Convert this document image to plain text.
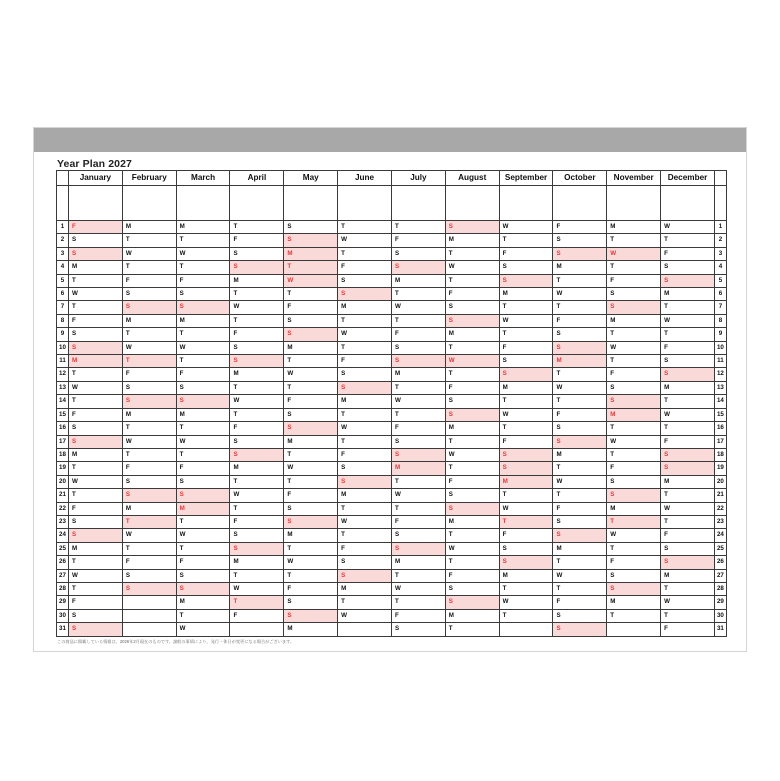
Year Plan 2027
	January	February	March	April	May	June	July	August	September	October	November	December	

1	F	M	M	T	S	T	T	S	W	F	M	W	1
2	S	T	T	F	S	W	F	M	T	S	T	T	2
3	S	W	W	S	M	T	S	T	F	S	W	F	3
4	M	T	T	S	T	F	S	W	S	M	T	S	4
5	T	F	F	M	W	S	M	T	S	T	F	S	5
6	W	S	S	T	T	S	T	F	M	W	S	M	6
7	T	S	S	W	F	M	W	S	T	T	S	T	7
8	F	M	M	T	S	T	T	S	W	F	M	W	8
9	S	T	T	F	S	W	F	M	T	S	T	T	9
10	S	W	W	S	M	T	S	T	F	S	W	F	10
11	M	T	T	S	T	F	S	W	S	M	T	S	11
12	T	F	F	M	W	S	M	T	S	T	F	S	12
13	W	S	S	T	T	S	T	F	M	W	S	M	13
14	T	S	S	W	F	M	W	S	T	T	S	T	14
15	F	M	M	T	S	T	T	S	W	F	M	W	15
16	S	T	T	F	S	W	F	M	T	S	T	T	16
17	S	W	W	S	M	T	S	T	F	S	W	F	17
18	M	T	T	S	T	F	S	W	S	M	T	S	18
19	T	F	F	M	W	S	M	T	S	T	F	S	19
20	W	S	S	T	T	S	T	F	M	W	S	M	20
21	T	S	S	W	F	M	W	S	T	T	S	T	21
22	F	M	M	T	S	T	T	S	W	F	M	W	22
23	S	T	T	F	S	W	F	M	T	S	T	T	23
24	S	W	W	S	M	T	S	T	F	S	W	F	24
25	M	T	T	S	T	F	S	W	S	M	T	S	25
26	T	F	F	M	W	S	M	T	S	T	F	S	26
27	W	S	S	T	T	S	T	F	M	W	S	M	27
28	T	S	S	W	F	M	W	S	T	T	S	T	28
29	F		M	T	S	T	T	S	W	F	M	W	29
30	S		T	F	S	W	F	M	T	S	T	T	30
31	S		W		M		S	T		S		F	31
この商品に掲載している情報は、2026年2月現在のものです。諸般の事情により、発行・休日が変更になる場合がございます。
